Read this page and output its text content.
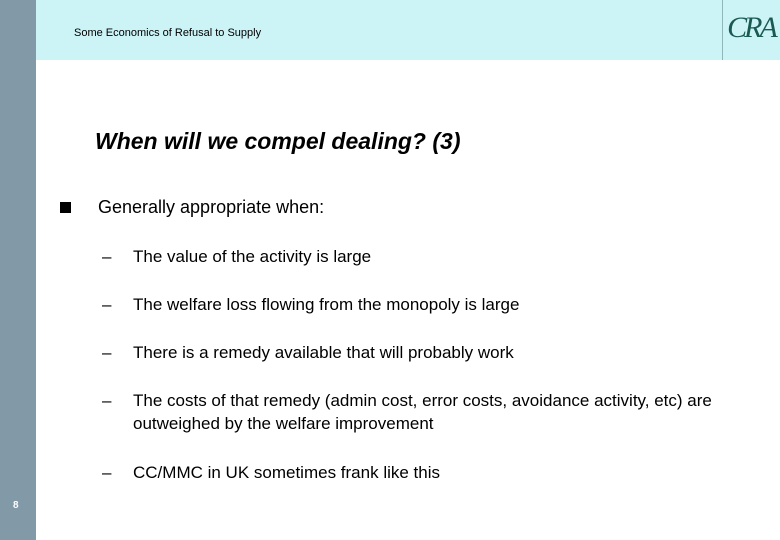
Some Economics of Refusal to Supply	CRA
When will we compel dealing? (3)
Generally appropriate when:
– The value of the activity is large
– The welfare loss flowing from the monopoly is large
– There is a remedy available that will probably work
– The costs of that remedy (admin cost, error costs, avoidance activity, etc) are outweighed by the welfare improvement
– CC/MMC in UK sometimes frank like this
8
